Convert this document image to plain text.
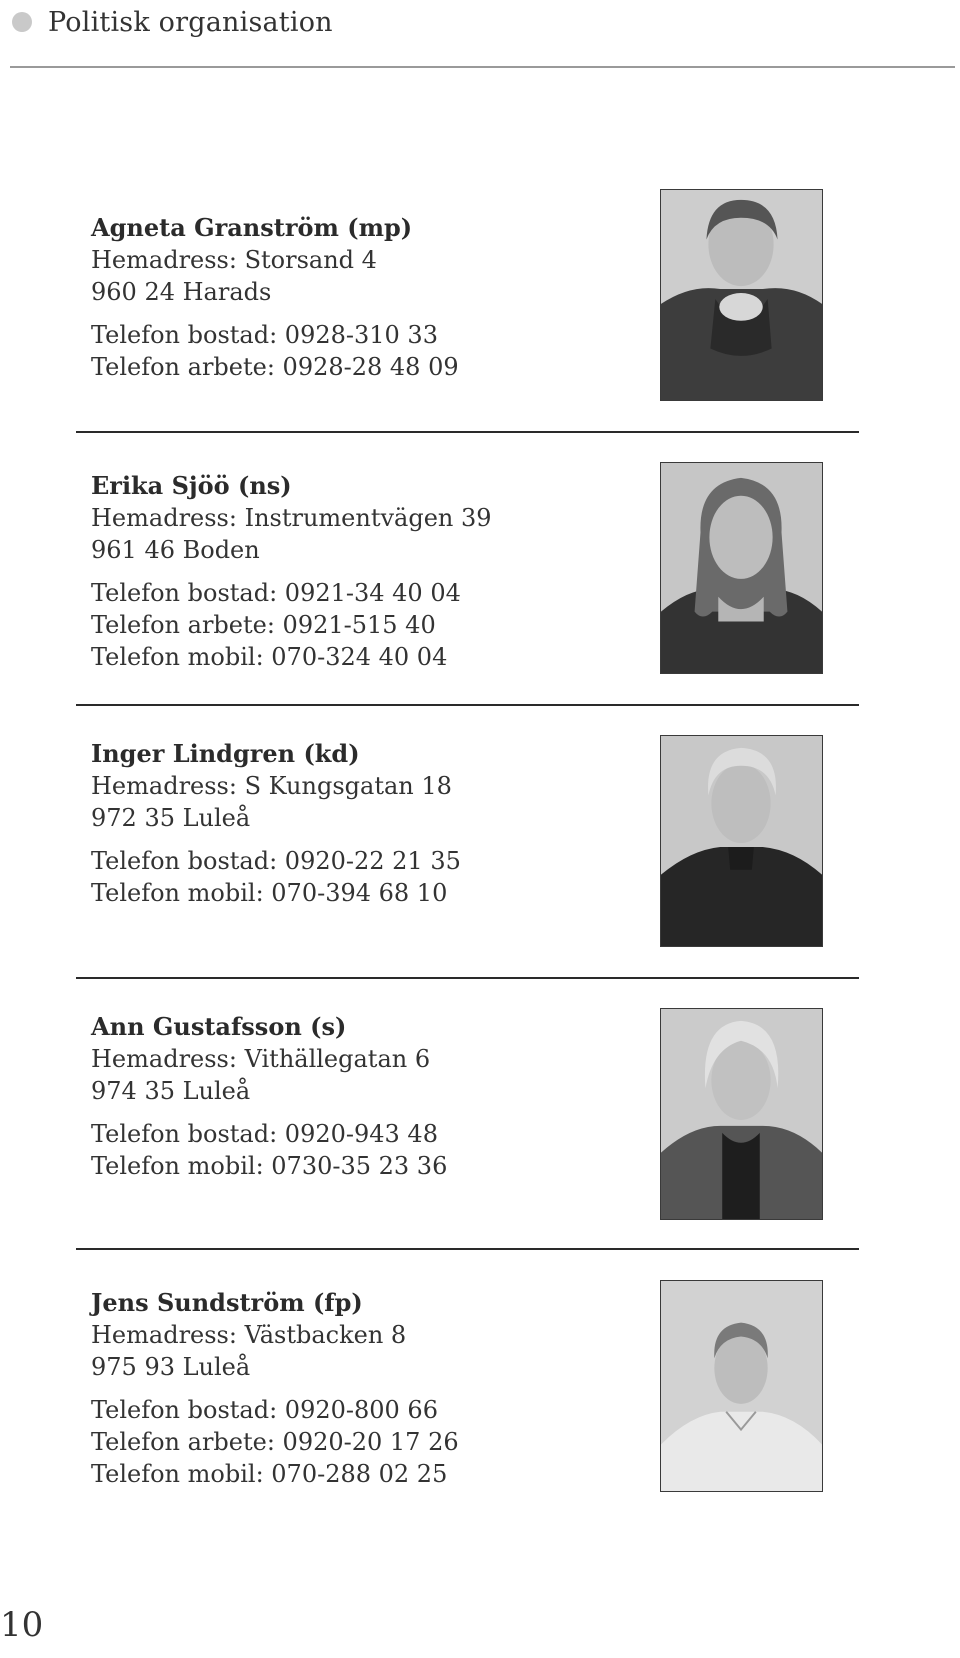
Politisk organisation
Agneta Granström (mp)
Hemadress: Storsand 4
960 24 Harads
Telefon bostad: 0928-310 33
Telefon arbete: 0928-28 48 09
Erika Sjöö (ns)
Hemadress: Instrumentvägen 39
961 46 Boden
Telefon bostad: 0921-34 40 04
Telefon arbete: 0921-515 40
Telefon mobil: 070-324 40 04
Inger Lindgren (kd)
Hemadress: S Kungsgatan 18
972 35 Luleå
Telefon bostad: 0920-22 21 35
Telefon mobil: 070-394 68 10
Ann Gustafsson (s)
Hemadress: Vithällegatan 6
974 35 Luleå
Telefon bostad: 0920-943 48
Telefon mobil: 0730-35 23 36
Jens Sundström (fp)
Hemadress: Västbacken 8
975 93 Luleå
Telefon bostad: 0920-800 66
Telefon arbete: 0920-20 17 26
Telefon mobil: 070-288 02 25
10
